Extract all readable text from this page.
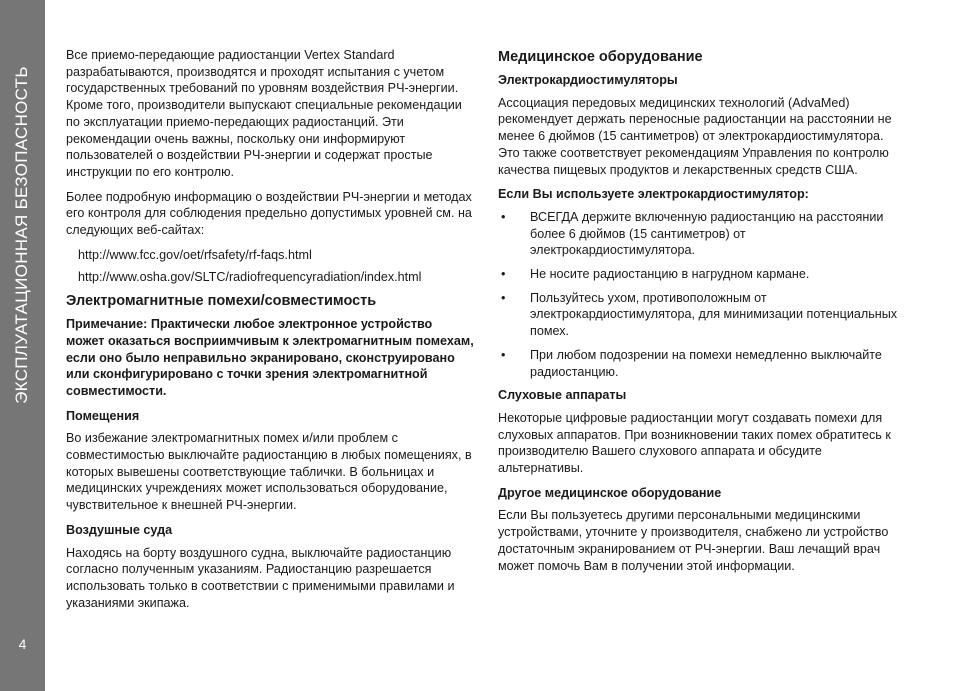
ЭКСПЛУАТАЦИОННАЯ БЕЗОПАСНОСТЬ
4

Все приемо-передающие радиостанции Vertex Standard разрабатываются, производятся и проходят испытания с учетом государственных требований по уровням воздействия РЧ-энергии. Кроме того, производители выпускают специальные рекомендации по эксплуатации приемо-передающих радиостанций. Эти рекомендации очень важны, поскольку они информируют пользователей о воздействии РЧ-энергии и содержат простые инструкции по его контролю.

Более подробную информацию о воздействии РЧ-энергии и методах его контроля для соблюдения предельно допустимых уровней см. на следующих веб-сайтах:

http://www.fcc.gov/oet/rfsafety/rf-faqs.html

http://www.osha.gov/SLTC/radiofrequencyradiation/index.html

Электромагнитные помехи/совместимость

Примечание: Практически любое электронное устройство может оказаться восприимчивым к электромагнитным помехам, если оно было неправильно экранировано, сконструировано или сконфигурировано с точки зрения электромагнитной совместимости.

Помещения

Во избежание электромагнитных помех и/или проблем с совместимостью выключайте радиостанцию в любых помещениях, в которых вывешены соответствующие таблички. В больницах и медицинских учреждениях может использоваться оборудование, чувствительное к внешней РЧ-энергии.

Воздушные суда

Находясь на борту воздушного судна, выключайте радиостанцию согласно полученным указаниям. Радиостанцию разрешается использовать только в соответствии с применимыми правилами и указаниями экипажа.

Медицинское оборудование
Электрокардиостимуляторы

Ассоциация передовых медицинских технологий (AdvaMed) рекомендует держать переносные радиостанции на расстоянии не менее 6 дюймов (15 сантиметров) от электрокардиостимулятора. Это также соответствует рекомендациям Управления по контролю качества пищевых продуктов и лекарственных средств США.

Если Вы используете электрокардиостимулятор:
• ВСЕГДА держите включенную радиостанцию на расстоянии более 6 дюймов (15 сантиметров) от электрокардиостимулятора.
• Не носите радиостанцию в нагрудном кармане.
• Пользуйтесь ухом, противоположным от электрокардиостимулятора, для минимизации потенциальных помех.
• При любом подозрении на помехи немедленно выключайте радиостанцию.
Слуховые аппараты

Некоторые цифровые радиостанции могут создавать помехи для слуховых аппаратов. При возникновении таких помех обратитесь к производителю Вашего слухового аппарата и обсудите альтернативы.

Другое медицинское оборудование

Если Вы пользуетесь другими персональными медицинскими устройствами, уточните у производителя, снабжено ли устройство достаточным экранированием от РЧ-энергии. Ваш лечащий врач может помочь Вам в получении этой информации.
